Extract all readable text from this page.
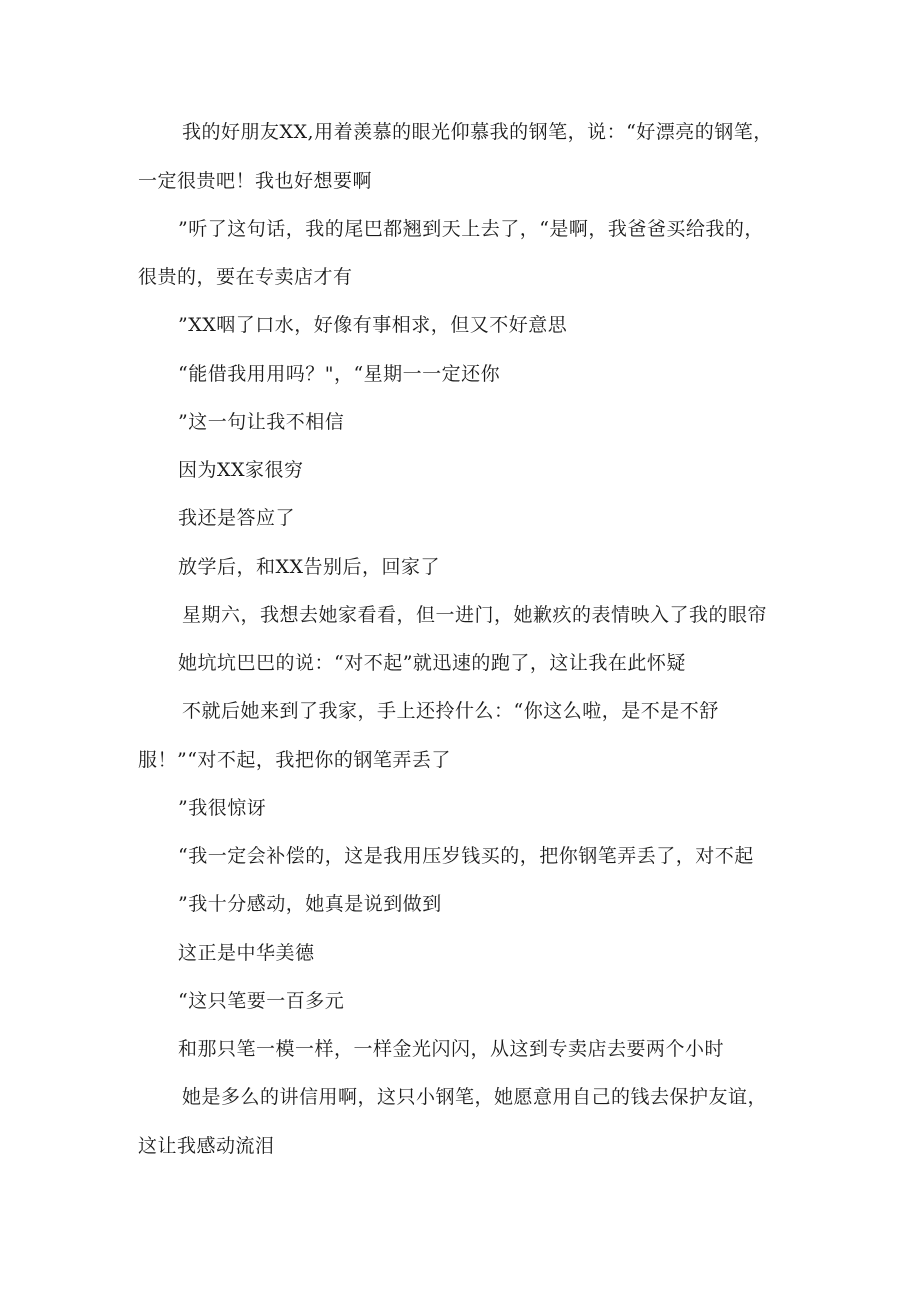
我的好朋友XX,用着羡慕的眼光仰慕我的钢笔，说：“好漂亮的钢笔，
一定很贵吧！我也好想要啊
”听了这句话，我的尾巴都翘到天上去了，“是啊，我爸爸买给我的，
很贵的，要在专卖店才有
”XX咽了口水，好像有事相求，但又不好意思
“能借我用用吗？"，“星期一一定还你
”这一句让我不相信
因为XX家很穷
我还是答应了
放学后，和XX告别后，回家了
星期六，我想去她家看看，但一进门，她歉疚的表情映入了我的眼帘
她坑坑巴巴的说：“对不起”就迅速的跑了，这让我在此怀疑
不就后她来到了我家，手上还拎什么：“你这么啦，是不是不舒
服！”“对不起，我把你的钢笔弄丢了
”我很惊讶
“我一定会补偿的，这是我用压岁钱买的，把你钢笔弄丢了，对不起
”我十分感动，她真是说到做到
这正是中华美德
“这只笔要一百多元
和那只笔一模一样，一样金光闪闪，从这到专卖店去要两个小时
她是多么的讲信用啊，这只小钢笔，她愿意用自己的钱去保护友谊，
这让我感动流泪
